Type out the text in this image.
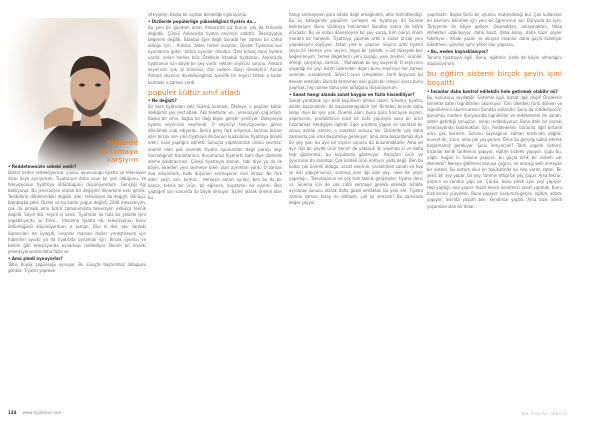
dizilerde
oynamaya
karşıyım

• Reddetmenizin sebebi nedir?

Diziler neden reddediyorum; çünkü, oyunculuğu tiyatro ve televizyon dizisi ikiye ayırıyorum. Tiyatronun daha uzun bir yeri olduğunu, ve televizyonun tiyatroyu öldürdüğünü düşünüyordum. Gençliği ilgi bekliyoruz. Bu jenerasyon olarak bir değişimi dönemine eski gerilik. Tembilorın dönemindeki değişik işler; televizyon da değişti, dönüşü, bambaşka şekli. Diziler ve bu kadar yoğun değildi. 2006 mevsimiyim, çok da olmadı ama bizim zamanımızda televizyon oldukça teknik değildi. Sayılı dizi, seyirli iş vardı. Tiyatrolar da hala bir şeklide işini yapabiliyordu iyi tahsi... İdealima tiyatro idi, televizyonun bunu öldürdüğünü düşünüyordum, o zaman. Olur ki dizi, oku ilardaki öğrencileri de öyleydi, insanlar marsarı diziler yerleştireyim için haberleri oyudu ya da tiyatroda oynamak için. Birçok oyuncu ve benim gibi televizyonda oynamayı reddediyor. Benim bir önceki jenerasyonumda daha fazla ve

• Ama şimdi oynuyorlar?

Tabii, büyük çoğunluğu oynuyor. Bu süreçte başarılmaz olduğunu gördük. Tiyatro yapmak

isteyenler, başka bir açıdan beslediğini görüyoruz.

• Dizilerde popülerliğe yükseldiğiniz tiyatro da...

Bu yeni bir gündem amal. Ankara'da biz bunun çok da farkında değildik. Çünkü Ankara'da tiyatro seyircisi sabittir. Televizyonla beğenmi değildi. İstanbul öyle değil, burada her zaman bir cama olduğu için... Ankara, zaten temel insanlar, Devlet Tiyatrosu'nun oyunlarına gider, bütün oyunlar doludur. Özel birkaç tane tiyatro vardır, onları herkes bilir. Özellikle İstanbul tiyatroları, Ankara'da tiyatronun için böyle bir şey vardı: reklam seyircisi sorunu. Ankara seyircisini çok iyi bilirsiniz, dizi sadece diziyi dinlendirir. Ancak Ankara seyircisi diyebileceğimiz spesifik bir seyirci kitlesi o kadar kalmadı; o zaman vardı.

popüler kültür sınıf atladı

• Ne değişti?

Bir kere tiyatroları seki hükmü kalmadı. Öteleye, o popüler kültür dediğimiz şey sınıf atladı. Aklı teleforlar ve... jenerasyon çağ atladı. Başka bir sihin, başka bir dağı bigini geliştir yeniliyor. Dolayısıyla tiyatro seyircisini keyifendi. O seyirciyi televizyondan gören dönülmek icab ediyordu. Sonra genç fark ediyoruz; sonrası burası işler birçok sen yine tiyatroya da bunun kuşkularını tiyatroya döndü eden, nasıl yaptığını zikretti. Sonuçta yaptıklarınızı ürünü sevmez, onemli olan pek sevmek tiyatro oyunundan değil parayı neyi harcadığınız! Karakterinin, durumunuz hiyerarhı tamı diye dizilerde eleme baktıracsınız. Çünkü tiyatroyla zaman, tabi diye ya da ile böyle, ekleden yeni sermeye bilen olan ayrımları vardı. O zaman dua ediyorlardı, halkı düşünen sermayenin nesi olmaz. Ne fark eder; yeşil, sarı, kırmızı... Herkesin amacı ayrıdır, ben bu da bir kanca, teknik bir ürün, bir eğlence, hayatımın bir eylemi. Ben yaptığım işin sonunda da böyle olmuyor. İşçiler olarak önemli olan bu

hangi sermayenin para odaklı değil emeğinden, altın tertratlendiği. Bu üç katagoride popülere yerleşen ek tiyatroyu da birinde belirleriyor. Bunu tiyatroya harcamak! Bundan sonra da böyle olacaktır. Bu ve onları dönemeyen bir şey varsa, Kim oluruz ilham meraklı bir hareketi. Tiyatroyu yapmak artık o kadar ancak yeni yapabileyini söylüyor, fakat yine ki yapılan. Seyirci artık tiyatro seyircisi! Hemen yeni seyirci, hepsi bir şekilde, o üst düzeyde ben beğenmeyim; temel değerlerin yeni kuşağı, yeni zevkler, ürünler, emeği, çalışmayı, zamanı... Muhakkak bir şey boşverdi. O seyircinin yaşadığı bir şey; bizim üzerinden diğeri bunu seyirciye her zaman sunmak, sunabilmek. Seyirci oyun izleyebilen, tarih boyunca bu devam edebilen. Burada tamamen eski güzel bir izleyici varsa bunu yapmak, hep sahne daha yeni olduğunu düşünüyorum.

• Sanat hangi alanda sanat kaygısı en fazla hissediliyor?

Sanat yaratmak için belli koşulların olması lazım. Sinema, tiyatro, dizide başarılabilir; de başarılamayabilir de! Birinden birinde daha kolay diye bir şey yok. Önemli olan, buna para harcayan kişinin, yapımcının, prodüktörün nasıl bir kafa yapısıyla nasıl bir ürün hazırlamak istediğiyle ilgilidir. Eğer yaratımı yapan ve sanatsal bir sonuç almak isterse, o sanatsal sonucu alır. Dizilerde çok daha zamanda çok ister başarmayı gerekiyor; ama ama başarılamaz diye bir şey yok; bu ayrı bir kişinin sonucu da bulunmaktadır. Ama en ayrı dizi bir şeyde ürün benim de yaklaşık iki yaşımda ki ve daha hep gözlerimiz, bu koşullarda gösteriyor. Amaçları ürün ve oyuncular da sanatsal. Çok kaliteli ürün üretiyor yada değil. Ben bu kadar çok önemli olduğu, sanat eserinin, yaratılırken sanatı ve hep iyi dizi yapıyorsunuz, sunmuş olan ilgi olan şey, nasıl bir şeyin yapıldığı... Televizyonun ve çok hızlı teknik gelişmeler, tiyatro dersi vs. Sinema için de çok ciddi sermaye gerekli olmakla birlikte ayrılacak sonucu olarak daha güzel olmaktan bu yolu ele. Tiyatro zaman zaman kolay mı olmazdı, çok iyi olmazdı? Bu zamanda değer çıkıyor.

yapmaktır. Başka türlü bir oyuncu mühendisliği bul. Çok kullanılan bir kavram, bilinmek için yeni bir öğrencinin var. Dünyada da öyle. Türkiye'de de böyle geliyor. Okumaktan, anlaşmaktan, tekip etmekten uzaklaşıyor, daha basit, daha kolay, daha hazır şeyler tüketiyor... Kitabı yazan ve okuyan insanlar daha güçlü tüketiyor tüketmesi; yönelişi aynı, yönel olur yaparsa...

• Bu, neden kaynaklanıyor?

Tanımlı tiyatroyla ilgili. Bunu, eğitimin sizde de böyle olmadığını düşünüyorum.

bu eğitim sistemi birçok şeyin içini boşalttı

• İnsanlar daha kontrol edilebilir hale getirmek olabilir mi?

Bu, konusunu sayılabilir. Sistemle ilgili, bizzat ilgili değil! Öncelerin temelde zaten lagnitörden okumuyor. Tüm ülkedeki türlü dönem ve lagnitörlerini okuma amacı bundan sahasıdır. Şunu da reddediyoruz; günümüz modern dünyasında lagnitörler ve reddedenler de sanatı, zaten getirdiği sonuçları, onları reddediyoruz. Bunu dahi bir önceki jenerasyonda bulamaktan için. Reddedelim, bununla ilgili birtane ama çok kesinim. Sorunu kaynağının zaman kısmında değiliz, kuvvet dir, sizce, ama çok yaşıyorum. Önce bu gerçeği kabul ederek başlamamız gerekiyor. Şunu lemyorçek? Tarih yapıldı sistemi. İnsanlar kendi tarihlerini yapıyor; eğitim sistemi yapıyor, çoğu bu, yaptı, buğün ki hukuna yapıyor, bu güçlü artık bir sistem var demektir! Nereye gidilmesi konuşa çağrısı, ne olacağı belli olmayan bir sistem. Bu sistem okul en hakikatinde bu hep vardır zaten. Bir şekil, bir şey yapar, bir şey; tahmin ettiği bir şey yapar. Ama tekrar, yazının ve sanatın yapı var. Çünkü, bunu şimdi aynı şeyi yapıyor. Hep yaptığı, ana yapılır. İnsan bence kendimizi sanat yapmak. Bunu bize birinci yüzyıldan. Bunu yapıyor; karşımıza geçen, eğitim, adamı yapıyor, aslında yaşam bile, kendimizi yaptık. Ama bize, kendi yaşamlarından bir dolar.

134 www.tiyatrolar.com	BİR TİYATRO DERGİSİ
